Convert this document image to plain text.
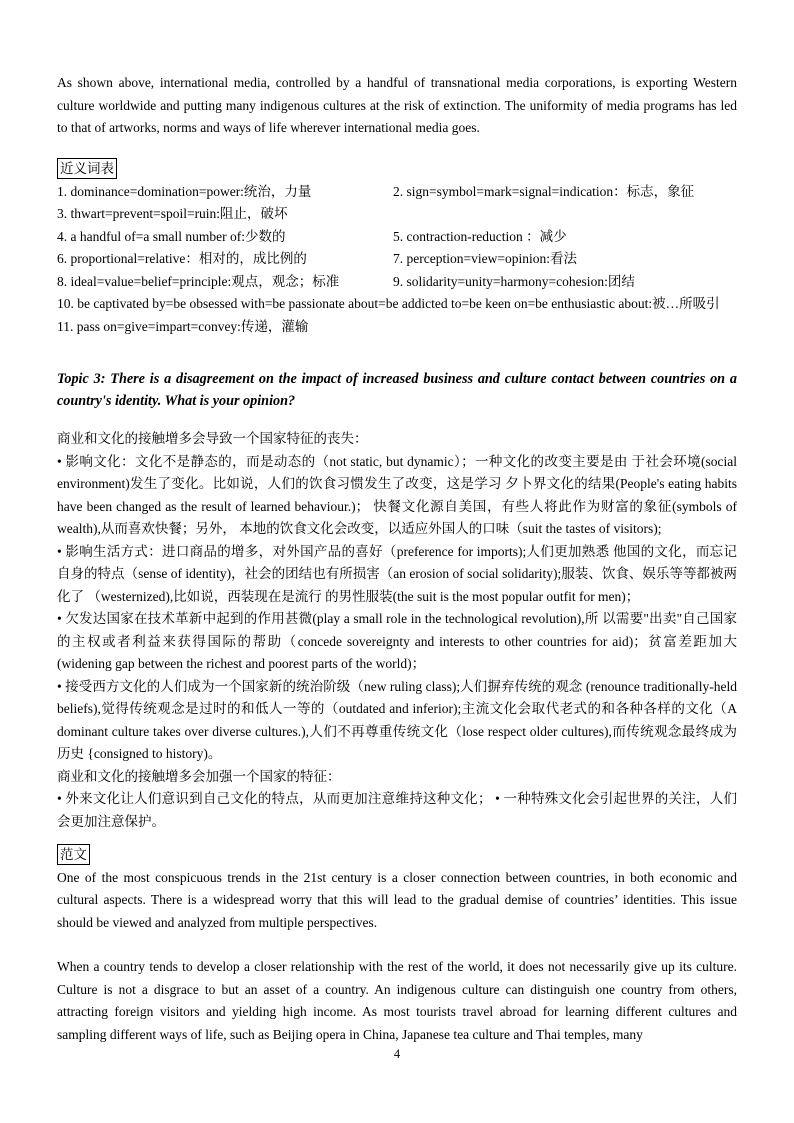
As shown above, international media, controlled by a handful of transnational media corporations, is exporting Western culture worldwide and putting many indigenous cultures at the risk of extinction. The uniformity of media programs has led to that of artworks, norms and ways of life wherever international media goes.

近义词表
1. dominance=domination=power:统治，力量	2. sign=symbol=mark=signal=indication：标志，象征
3. thwart=prevent=spoil=ruin:阻止，破坏
4. a handful of=a small number of:少数的	5. contraction-reduction ：减少
6. proportional=relative：相对的，成比例的	7. perception=view=opinion:看法
8. ideal=value=belief=principle:观点，观念；标准	9. solidarity=unity=harmony=cohesion:团结
10. be captivated by=be obsessed with=be passionate about=be addicted to=be keen on=be enthusiastic about:被…所吸引
11. pass on=give=impart=convey:传递，灌输

Topic 3: There is a disagreement on the impact of increased business and culture contact between countries on a country's identity. What is your opinion?

商业和文化的接触增多会导致一个国家特征的丧失：

• 影响文化：文化不是静态的，而是动态的（not static, but dynamic）；一种文化的改变主要是由 于社会环境(social environment)发生了变化。比如说，人们的饮食习惯发生了改变，这是学习 夕卜界文化的结果(People's eating habits have been changed as the result of learned behaviour.)； 快餐文化源自美国，有些人将此作为财富的象征(symbols of wealth),从而喜欢快餐；另外， 本地的饮食文化会改变，以适应外国人的口味（suit the tastes of visitors);

• 影响生活方式：进口商品的增多，对外国产品的喜好（preference for imports);人们更加熟悉 他国的文化，而忘记自身的特点（sense of identity)，社会的团结也有所损害（an erosion of social solidarity);服装、饮食、娱乐等等都被两化了 （westernized),比如说，西装现在是流行 的男性服装(the suit is the most popular outfit for men)；

• 欠发达国家在技术革新中起到的作用甚微(play a small role in the technological revolution),所 以需要"出卖"自己国家的主权或者利益来获得国际的帮助（concede sovereignty and interests to other countries for aid)；贫富差距加大(widening gap between the richest and poorest parts of the world)；

• 接受西方文化的人们成为一个国家新的统治阶级（new ruling class);人们摒弃传统的观念 (renounce traditionally-held beliefs),觉得传统观念是过时的和低人一等的（outdated and inferior);主流文化会取代老式的和各种各样的文化（A dominant culture takes over diverse cultures.),人们不再尊重传统文化（lose respect older cultures),而传统观念最终成为历史 {consigned to history)。

商业和文化的接触增多会加强一个国家的特征：

• 外来文化让人们意识到自己文化的特点，从而更加注意维持这种文化； • 一种特殊文化会引起世界的关注，人们会更加注意保护。

范文

One of the most conspicuous trends in the 21st century is a closer connection between countries, in both economic and cultural aspects. There is a widespread worry that this will lead to the gradual demise of countries’ identities. This issue should be viewed and analyzed from multiple perspectives.

When a country tends to develop a closer relationship with the rest of the world, it does not necessarily give up its culture. Culture is not a disgrace to but an asset of a country. An indigenous culture can distinguish one country from others, attracting foreign visitors and yielding high income. As most tourists travel abroad for learning different cultures and sampling different ways of life, such as Beijing opera in China, Japanese tea culture and Thai temples, many

4
